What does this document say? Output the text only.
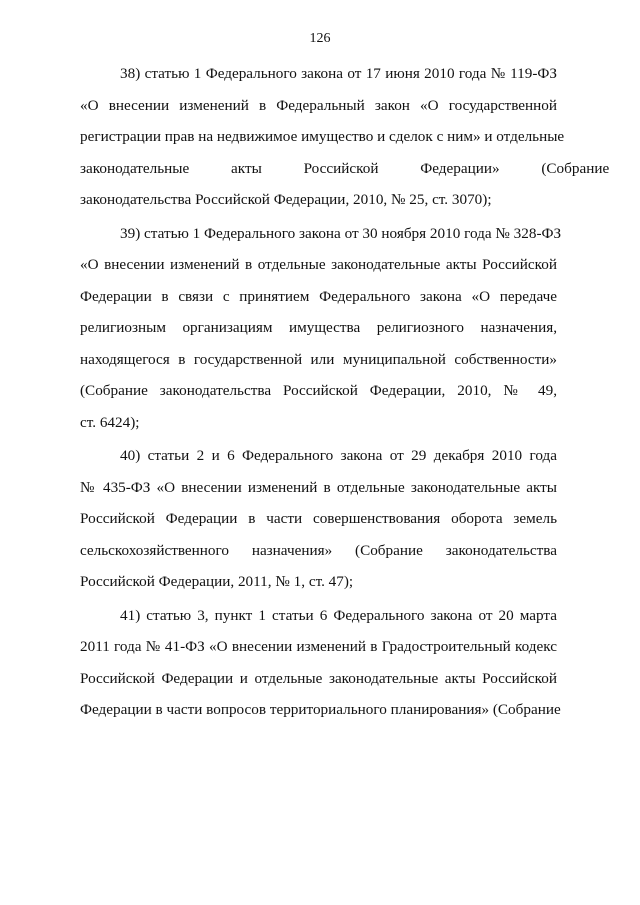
126
38) статью 1 Федерального закона от 17 июня 2010 года № 119-ФЗ
«О внесении изменений в Федеральный закон «О государственной
регистрации прав на недвижимое имущество и сделок с ним» и отдельные
законодательные акты Российской Федерации» (Собрание
законодательства Российской Федерации, 2010, № 25, ст. 3070);
39) статью 1 Федерального закона от 30 ноября 2010 года № 328-ФЗ
«О внесении изменений в отдельные законодательные акты Российской
Федерации в связи с принятием Федерального закона «О передаче
религиозным организациям имущества религиозного назначения,
находящегося в государственной или муниципальной собственности»
(Собрание законодательства Российской Федерации, 2010, № 49,
ст. 6424);
40) статьи 2 и 6 Федерального закона от 29 декабря 2010 года
№ 435-ФЗ «О внесении изменений в отдельные законодательные акты
Российской Федерации в части совершенствования оборота земель
сельскохозяйственного назначения» (Собрание законодательства
Российской Федерации, 2011, № 1, ст. 47);
41) статью 3, пункт 1 статьи 6 Федерального закона от 20 марта
2011 года № 41-ФЗ «О внесении изменений в Градостроительный кодекс
Российской Федерации и отдельные законодательные акты Российской
Федерации в части вопросов территориального планирования» (Собрание
